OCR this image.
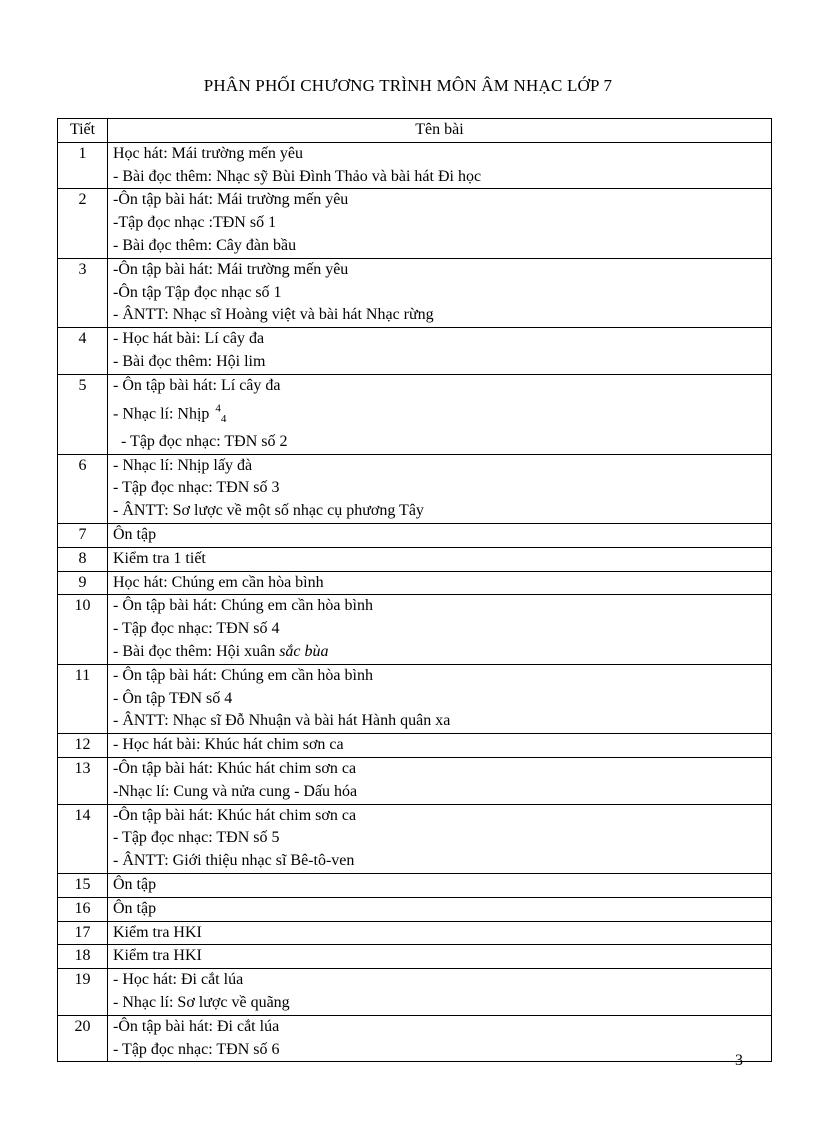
PHÂN PHỐI CHƯƠNG TRÌNH MÔN ÂM NHẠC LỚP 7
Tiết	Tên bài
1	Học hát: Mái trường mến yêu
- Bài đọc thêm: Nhạc sỹ Bùi Đình Thảo và bài hát Đi học

2	-Ôn tập bài hát: Mái trường mến yêu
-Tập đọc nhạc :TĐN số 1
- Bài đọc thêm: Cây đàn bầu

3	-Ôn tập bài hát: Mái trường mến yêu
-Ôn tập Tập đọc nhạc số 1
- ÂNTT: Nhạc sĩ Hoàng việt và bài hát Nhạc rừng

4	- Học hát bài: Lí cây đa
- Bài đọc thêm: Hội lim

5	- Ôn tập bài hát: Lí cây đa
- Nhạc lí: Nhịp $^4_4$
- Tập đọc nhạc: TĐN số 2

6	- Nhạc lí: Nhịp lấy đà
- Tập đọc nhạc: TĐN số 3
- ÂNTT: Sơ lược về một số nhạc cụ phương Tây

7	Ôn tập

8	Kiểm tra 1 tiết

9	Học hát: Chúng em cần hòa bình

10	- Ôn tập bài hát: Chúng em cần hòa bình
- Tập đọc nhạc: TĐN số 4
- Bài đọc thêm: Hội xuân sắc bùa

11	- Ôn tập bài hát: Chúng em cần hòa bình
- Ôn tập TĐN số 4
- ÂNTT: Nhạc sĩ Đỗ Nhuận và bài hát Hành quân xa

12	- Học hát bài: Khúc hát chim sơn ca

13	-Ôn tập bài hát: Khúc hát chim sơn ca
-Nhạc lí: Cung và nửa cung - Dấu hóa

14	-Ôn tập bài hát: Khúc hát chim sơn ca
- Tập đọc nhạc: TĐN số 5
- ÂNTT: Giới thiệu nhạc sĩ Bê-tô-ven

15	Ôn tập

16	Ôn tập

17	Kiểm tra HKI

18	Kiểm tra HKI

19	- Học hát: Đi cắt lúa
- Nhạc lí: Sơ lược về quãng

20	-Ôn tập bài hát: Đi cắt lúa
- Tập đọc nhạc: TĐN số 6
3
